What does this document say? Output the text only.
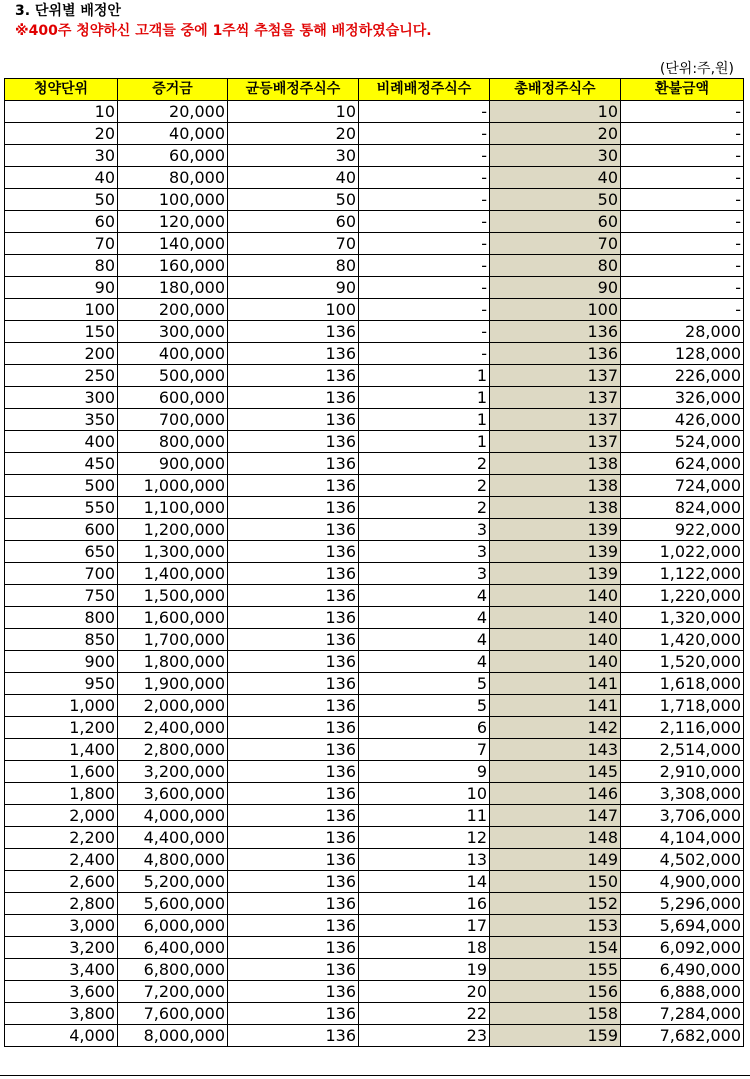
3. 단위별 배정안
※400주 청약하신 고객들 중에 1주씩 추첨을 통해 배정하였습니다.
(단위:주,원)
청약단위	증거금	균등배정주식수	비례배정주식수	총배정주식수	환불금액
10	20,000	10	-	10	-
20	40,000	20	-	20	-
30	60,000	30	-	30	-
40	80,000	40	-	40	-
50	100,000	50	-	50	-
60	120,000	60	-	60	-
70	140,000	70	-	70	-
80	160,000	80	-	80	-
90	180,000	90	-	90	-
100	200,000	100	-	100	-
150	300,000	136	-	136	28,000
200	400,000	136	-	136	128,000
250	500,000	136	1	137	226,000
300	600,000	136	1	137	326,000
350	700,000	136	1	137	426,000
400	800,000	136	1	137	524,000
450	900,000	136	2	138	624,000
500	1,000,000	136	2	138	724,000
550	1,100,000	136	2	138	824,000
600	1,200,000	136	3	139	922,000
650	1,300,000	136	3	139	1,022,000
700	1,400,000	136	3	139	1,122,000
750	1,500,000	136	4	140	1,220,000
800	1,600,000	136	4	140	1,320,000
850	1,700,000	136	4	140	1,420,000
900	1,800,000	136	4	140	1,520,000
950	1,900,000	136	5	141	1,618,000
1,000	2,000,000	136	5	141	1,718,000
1,200	2,400,000	136	6	142	2,116,000
1,400	2,800,000	136	7	143	2,514,000
1,600	3,200,000	136	9	145	2,910,000
1,800	3,600,000	136	10	146	3,308,000
2,000	4,000,000	136	11	147	3,706,000
2,200	4,400,000	136	12	148	4,104,000
2,400	4,800,000	136	13	149	4,502,000
2,600	5,200,000	136	14	150	4,900,000
2,800	5,600,000	136	16	152	5,296,000
3,000	6,000,000	136	17	153	5,694,000
3,200	6,400,000	136	18	154	6,092,000
3,400	6,800,000	136	19	155	6,490,000
3,600	7,200,000	136	20	156	6,888,000
3,800	7,600,000	136	22	158	7,284,000
4,000	8,000,000	136	23	159	7,682,000
